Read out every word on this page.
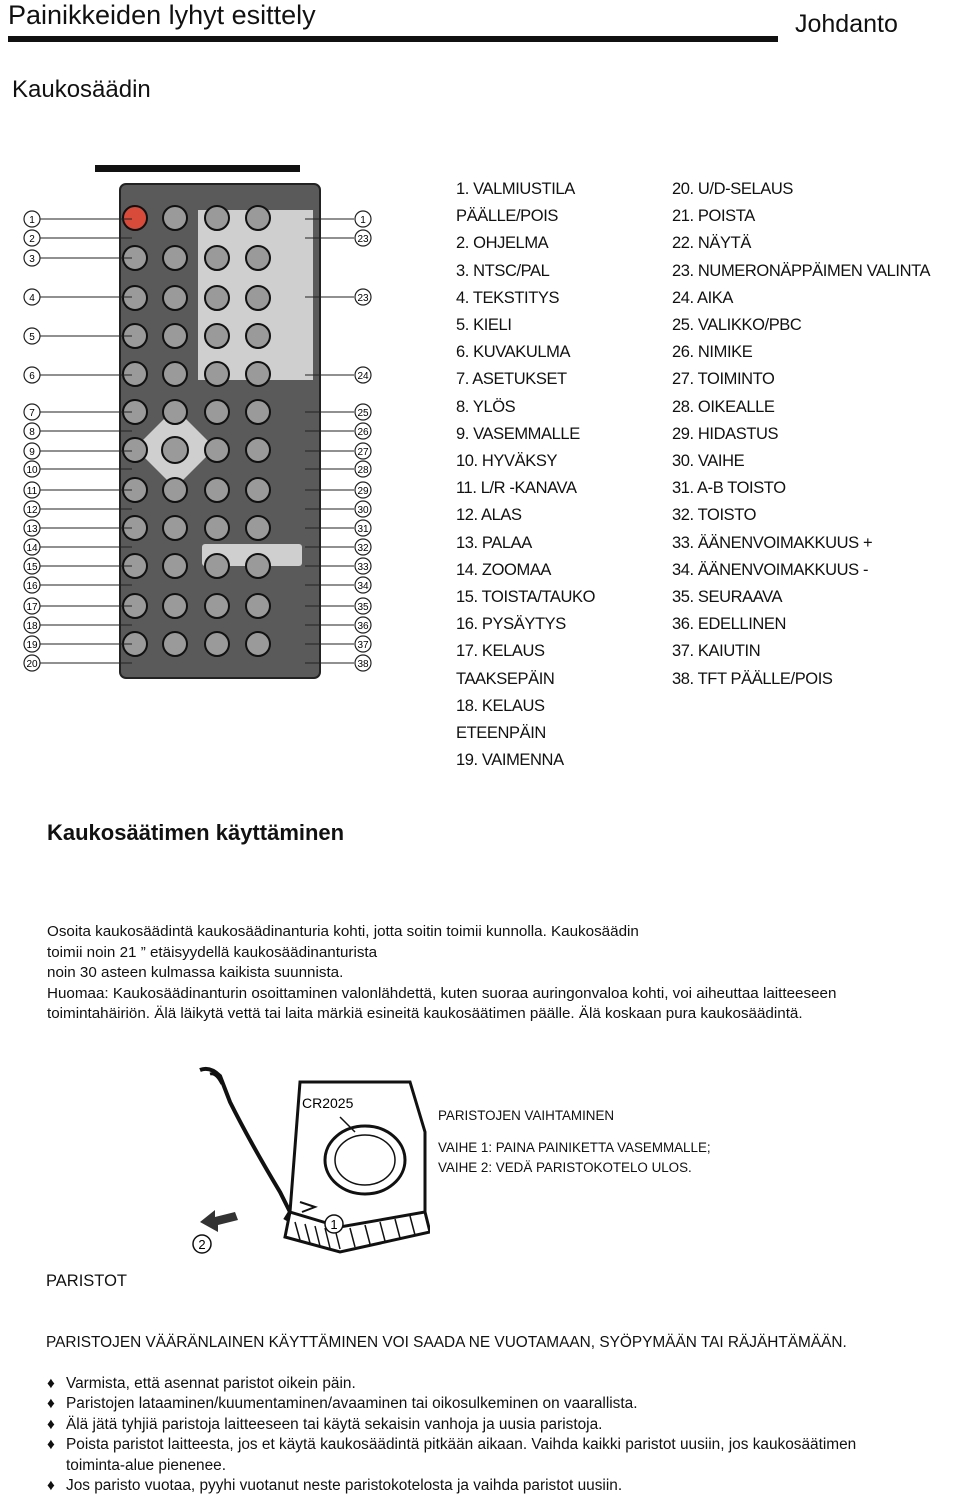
Painikkeiden lyhyt esittely	Johdanto
Kaukosäädin
1
2
3
4
5
6
7
8
9
10
11
12
13
14
15
16
17
18
19
20
1
23
23
24
25
26
27
28
29
30
31
32
33
34
35
36
37
38
1. VALMIUSTILA
PÄÄLLE/POIS
2. OHJELMA
3. NTSC/PAL
4. TEKSTITYS
5. KIELI
6. KUVAKULMA
7. ASETUKSET
8. YLÖS
9. VASEMMALLE
10. HYVÄKSY
11. L/R -KANAVA
12. ALAS
13. PALAA
14. ZOOMAA
15. TOISTA/TAUKO
16. PYSÄYTYS
17. KELAUS
TAAKSEPÄIN
18. KELAUS
ETEENPÄIN
19. VAIMENNA
20. U/D-SELAUS
21. POISTA
22. NÄYTÄ
23. NUMERONÄPPÄIMEN VALINTA
24. AIKA
25. VALIKKO/PBC
26. NIMIKE
27. TOIMINTO
28. OIKEALLE
29. HIDASTUS
30. VAIHE
31. A-B TOISTO
32. TOISTO
33. ÄÄNENVOIMAKKUUS +
34. ÄÄNENVOIMAKKUUS -
35. SEURAAVA
36. EDELLINEN
37. KAIUTIN
38. TFT PÄÄLLE/POIS
Kaukosäätimen käyttäminen

Osoita kaukosäädintä kaukosäädinanturia kohti, jotta soitin toimii kunnolla. Kaukosäädin

toimii noin 21 ” etäisyydellä kaukosäädinanturista

noin 30 asteen kulmassa kaikista suunnista.

Huomaa: Kaukosäädinanturin osoittaminen valonlähdettä, kuten suoraa auringonvaloa kohti, voi aiheuttaa laitteeseen toimintahäiriön. Älä läikytä vettä tai laita märkiä esineitä kaukosäätimen päälle. Älä koskaan pura kaukosäädintä.

CR2025
1
2
PARISTOJEN VAIHTAMINEN
VAIHE 1: PAINA PAINIKETTA VASEMMALLE;
VAIHE 2: VEDÄ PARISTOKOTELO ULOS.
PARISTOT

PARISTOJEN VÄÄRÄNLAINEN KÄYTTÄMINEN VOI SAADA NE VUOTAMAAN, SYÖPYMÄÄN TAI RÄJÄHTÄMÄÄN.

♦ Varmista, että asennat paristot oikein päin.
♦ Paristojen lataaminen/kuumentaminen/avaaminen tai oikosulkeminen on vaarallista.
♦ Älä jätä tyhjiä paristoja laitteeseen tai käytä sekaisin vanhoja ja uusia paristoja.
♦ Poista paristot laitteesta, jos et käytä kaukosäädintä pitkään aikaan. Vaihda kaikki paristot uusiin, jos kaukosäätimen toiminta-alue pienenee.
♦ Jos paristo vuotaa, pyyhi vuotanut neste paristokotelosta ja vaihda paristot uusiin.
